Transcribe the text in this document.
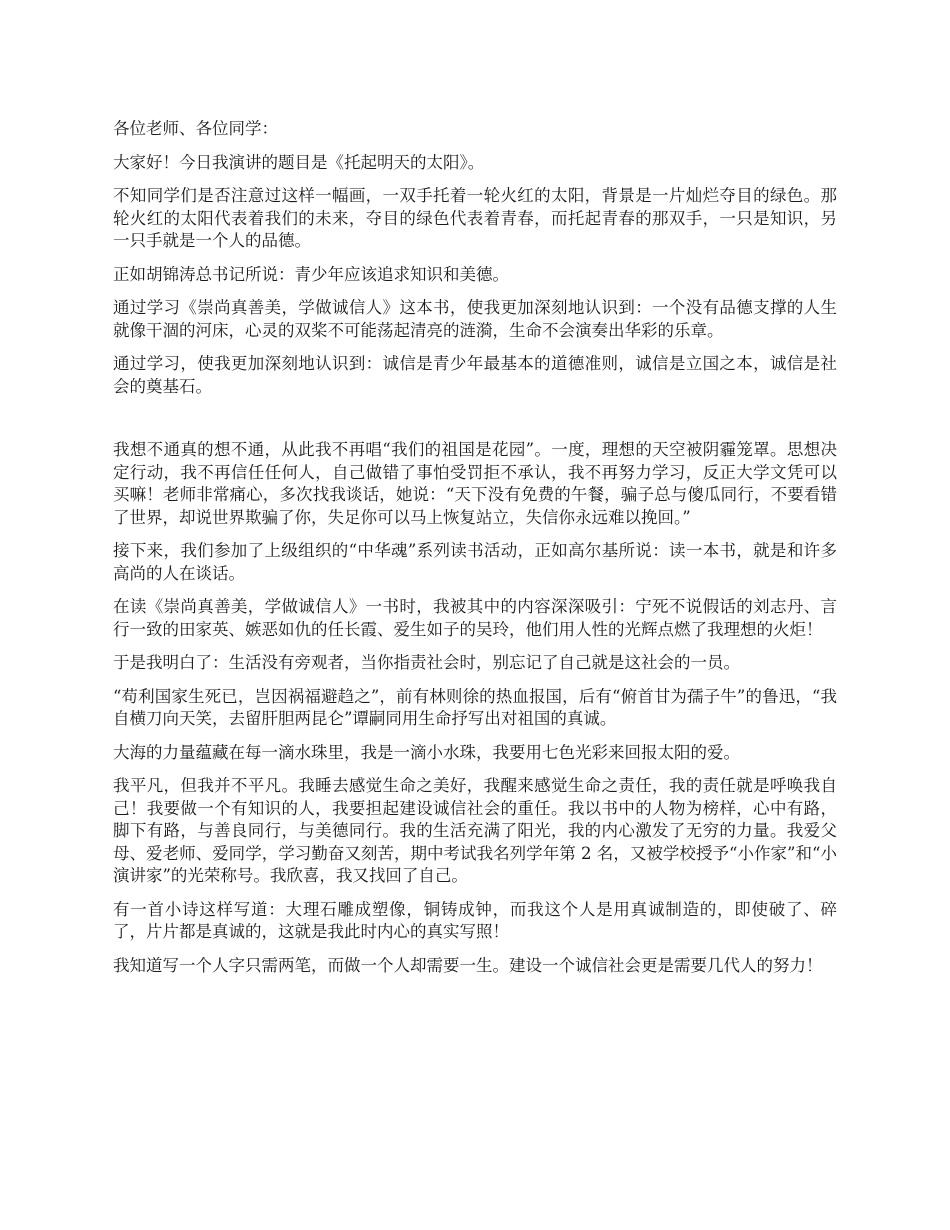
各位老师、各位同学：

大家好！今日我演讲的题目是《托起明天的太阳》。

不知同学们是否注意过这样一幅画，一双手托着一轮火红的太阳，背景是一片灿烂夺目的绿色。那轮火红的太阳代表着我们的未来，夺目的绿色代表着青春，而托起青春的那双手，一只是知识，另一只手就是一个人的品德。

正如胡锦涛总书记所说：青少年应该追求知识和美德。

通过学习《崇尚真善美，学做诚信人》这本书，使我更加深刻地认识到：一个没有品德支撑的人生就像干涸的河床，心灵的双桨不可能荡起清亮的涟漪，生命不会演奏出华彩的乐章。

通过学习，使我更加深刻地认识到：诚信是青少年最基本的道德准则，诚信是立国之本，诚信是社会的奠基石。

我想不通真的想不通，从此我不再唱“我们的祖国是花园”。一度，理想的天空被阴霾笼罩。思想决定行动，我不再信任任何人，自己做错了事怕受罚拒不承认，我不再努力学习，反正大学文凭可以买嘛！老师非常痛心，多次找我谈话，她说：“天下没有免费的午餐，骗子总与傻瓜同行，不要看错了世界，却说世界欺骗了你，失足你可以马上恢复站立，失信你永远难以挽回。”

接下来，我们参加了上级组织的“中华魂”系列读书活动，正如高尔基所说：读一本书，就是和许多高尚的人在谈话。

在读《崇尚真善美，学做诚信人》一书时，我被其中的内容深深吸引：宁死不说假话的刘志丹、言行一致的田家英、嫉恶如仇的任长霞、爱生如子的吴玲，他们用人性的光辉点燃了我理想的火炬！

于是我明白了：生活没有旁观者，当你指责社会时，别忘记了自己就是这社会的一员。

“苟利国家生死已，岂因祸福避趋之”，前有林则徐的热血报国，后有“俯首甘为孺子牛”的鲁迅，“我自横刀向天笑，去留肝胆两昆仑”谭嗣同用生命抒写出对祖国的真诚。

大海的力量蕴藏在每一滴水珠里，我是一滴小水珠，我要用七色光彩来回报太阳的爱。

我平凡，但我并不平凡。我睡去感觉生命之美好，我醒来感觉生命之责任，我的责任就是呼唤我自己！我要做一个有知识的人，我要担起建设诚信社会的重任。我以书中的人物为榜样，心中有路，脚下有路，与善良同行，与美德同行。我的生活充满了阳光，我的内心激发了无穷的力量。我爱父母、爱老师、爱同学，学习勤奋又刻苦，期中考试我名列学年第 2 名，又被学校授予“小作家”和“小演讲家”的光荣称号。我欣喜，我又找回了自己。

有一首小诗这样写道：大理石雕成塑像，铜铸成钟，而我这个人是用真诚制造的，即使破了、碎了，片片都是真诚的，这就是我此时内心的真实写照！

我知道写一个人字只需两笔，而做一个人却需要一生。建设一个诚信社会更是需要几代人的努力！
